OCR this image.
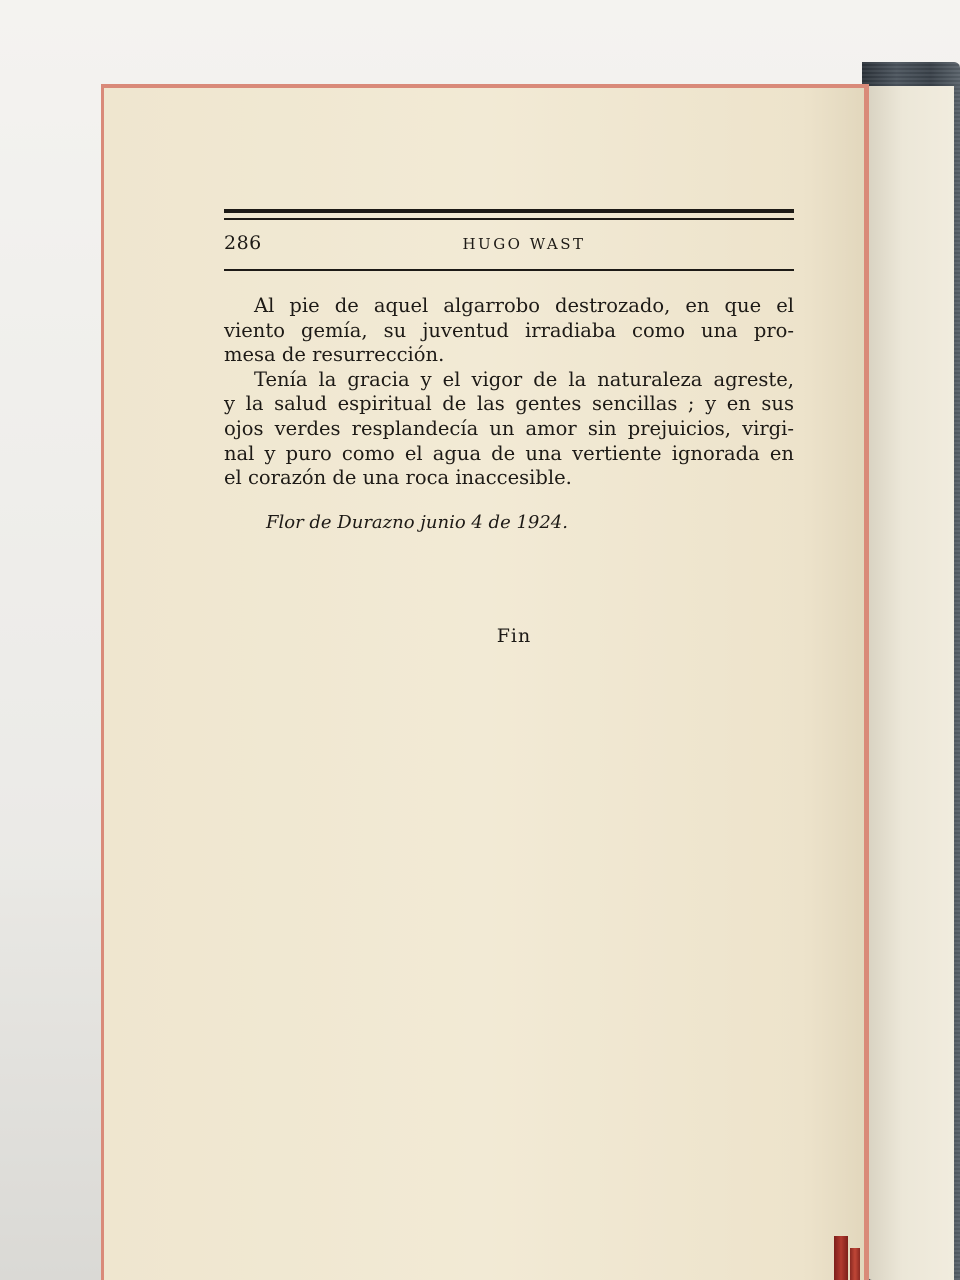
286	HUGO WAST
Al pie de aquel algarrobo destrozado, en que el
viento gemía, su juventud irradiaba como una pro-
mesa de resurrección.
Tenía la gracia y el vigor de la naturaleza agreste,
y la salud espiritual de las gentes sencillas ; y en sus
ojos verdes resplandecía un amor sin prejuicios, virgi-
nal y puro como el agua de una vertiente ignorada en
el corazón de una roca inaccesible.
Flor de Durazno junio 4 de 1924.
Fin
